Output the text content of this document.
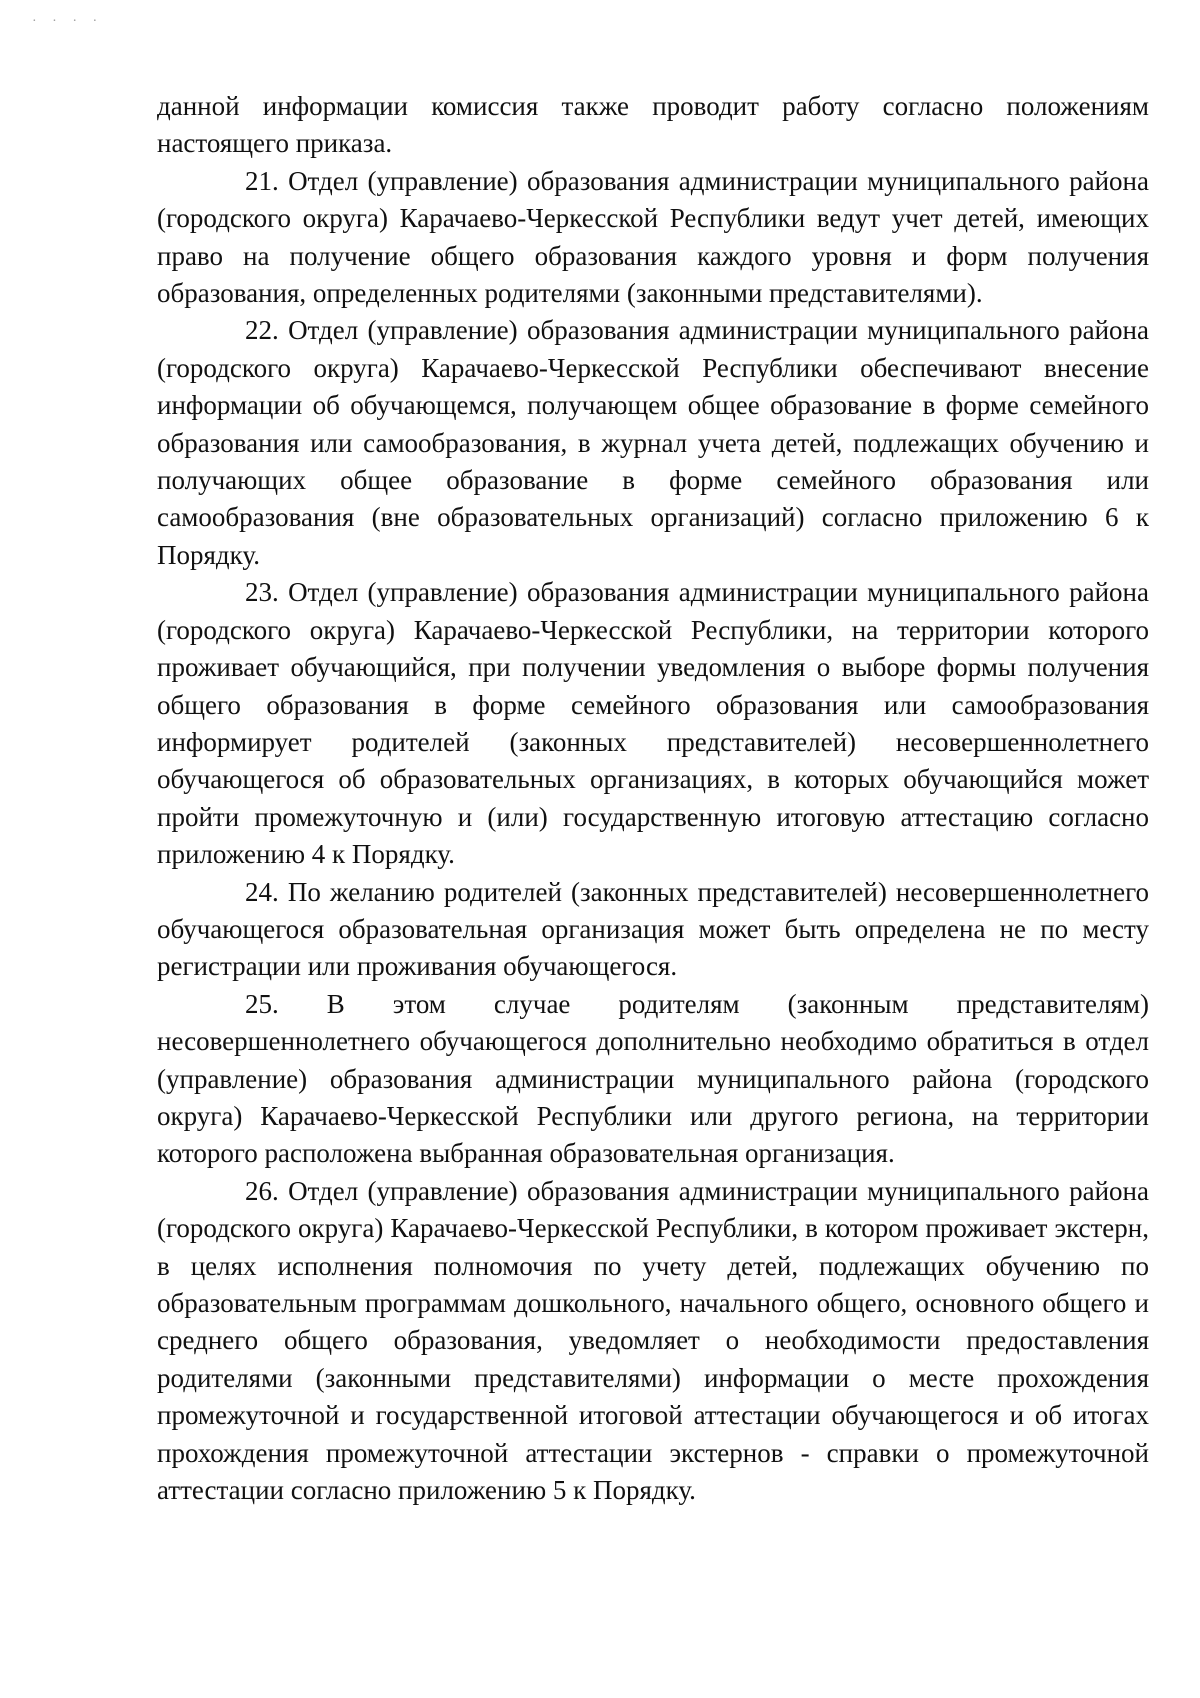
· · · ·

данной информации комиссия также проводит работу согласно положениям настоящего приказа.

21. Отдел (управление) образования администрации муниципального района (городского округа) Карачаево-Черкесской Республики ведут учет детей, имеющих право на получение общего образования каждого уровня и форм получения образования, определенных родителями (законными представителями).

22. Отдел (управление) образования администрации муниципального района (городского округа) Карачаево-Черкесской Республики обеспечивают внесение информации об обучающемся, получающем общее образование в форме семейного образования или самообразования, в журнал учета детей, подлежащих обучению и получающих общее образование в форме семейного образования или самообразования (вне образовательных организаций) согласно приложению 6 к Порядку.

23. Отдел (управление) образования администрации муниципального района (городского округа) Карачаево-Черкесской Республики, на территории которого проживает обучающийся, при получении уведомления о выборе формы получения общего образования в форме семейного образования или самообразования информирует родителей (законных представителей) несовершеннолетнего обучающегося об образовательных организациях, в которых обучающийся может пройти промежуточную и (или) государственную итоговую аттестацию согласно приложению 4 к Порядку.

24. По желанию родителей (законных представителей) несовершеннолетнего обучающегося образовательная организация может быть определена не по месту регистрации или проживания обучающегося.

25. В этом случае родителям (законным представителям) несовершеннолетнего обучающегося дополнительно необходимо обратиться в отдел (управление) образования администрации муниципального района (городского округа) Карачаево-Черкесской Республики или другого региона, на территории которого расположена выбранная образовательная организация.

26. Отдел (управление) образования администрации муниципального района (городского округа) Карачаево-Черкесской Республики, в котором проживает экстерн, в целях исполнения полномочия по учету детей, подлежащих обучению по образовательным программам дошкольного, начального общего, основного общего и среднего общего образования, уведомляет о необходимости предоставления родителями (законными представителями) информации о месте прохождения промежуточной и государственной итоговой аттестации обучающегося и об итогах прохождения промежуточной аттестации экстернов - справки о промежуточной аттестации согласно приложению 5 к Порядку.
